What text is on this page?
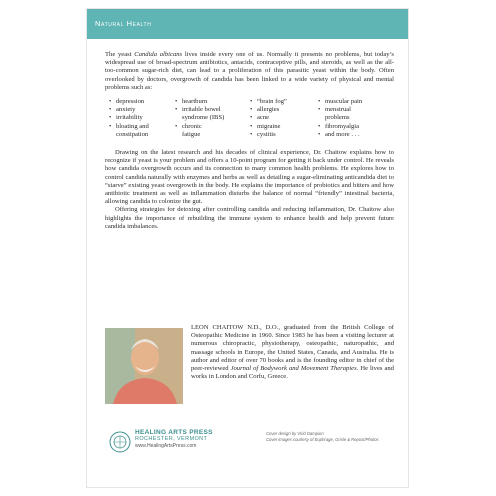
Natural Health

The yeast Candida albicans lives inside every one of us. Normally it presents no problems, but today’s widespread use of broad-spectrum antibiotics, antacids, contraceptive pills, and steroids, as well as the all-too-common sugar-rich diet, can lead to a proliferation of this parasitic yeast within the body. Often overlooked by doctors, overgrowth of candida has been linked to a wide variety of physical and mental problems such as:

• depression
• anxiety
• irritability
• bloating and
constipation
• heartburn
• irritable bowel
syndrome (IBS)
• chronic
fatigue
• “brain fog”
• allergies
• acne
• migraine
• cystitis
• muscular pain
• menstrual
problems
• fibromyalgia
• and more . . .

Drawing on the latest research and his decades of clinical experience, Dr. Chaitow explains how to recognize if yeast is your problem and offers a 10-point program for getting it back under control. He reveals how candida overgrowth occurs and its connection to many common health problems. He explores how to control candida naturally with enzymes and herbs as well as detailing a sugar-eliminating anticandida diet to “starve” existing yeast overgrowth in the body. He explains the importance of probiotics and bitters and how antibiotic treatment as well as inflammation disturbs the balance of normal “friendly” intestinal bacteria, allowing candida to colonize the gut.

Offering strategies for detoxing after controlling candida and reducing inflammation, Dr. Chaitow also highlights the importance of rebuilding the immune system to enhance health and help prevent future candida imbalances.

LEON CHAITOW N.D., D.O., graduated from the British College of Osteopathic Medicine in 1960. Since 1983 he has been a visiting lecturer at numerous chiropractic, physiotherapy, osteopathic, naturopathic, and massage schools in Europe, the United States, Canada, and Australia. He is author and editor of over 70 books and is the founding editor in chief of the peer-reviewed Journal of Bodywork and Movement Therapies. He lives and works in London and Corfu, Greece.
HEALING ARTS PRESS
ROCHESTER, VERMONT
www.HealingArtsPress.com
Cover design by Virid Dampion
Cover images courtesy of Euphrage, Grisle & Repost/Photos
